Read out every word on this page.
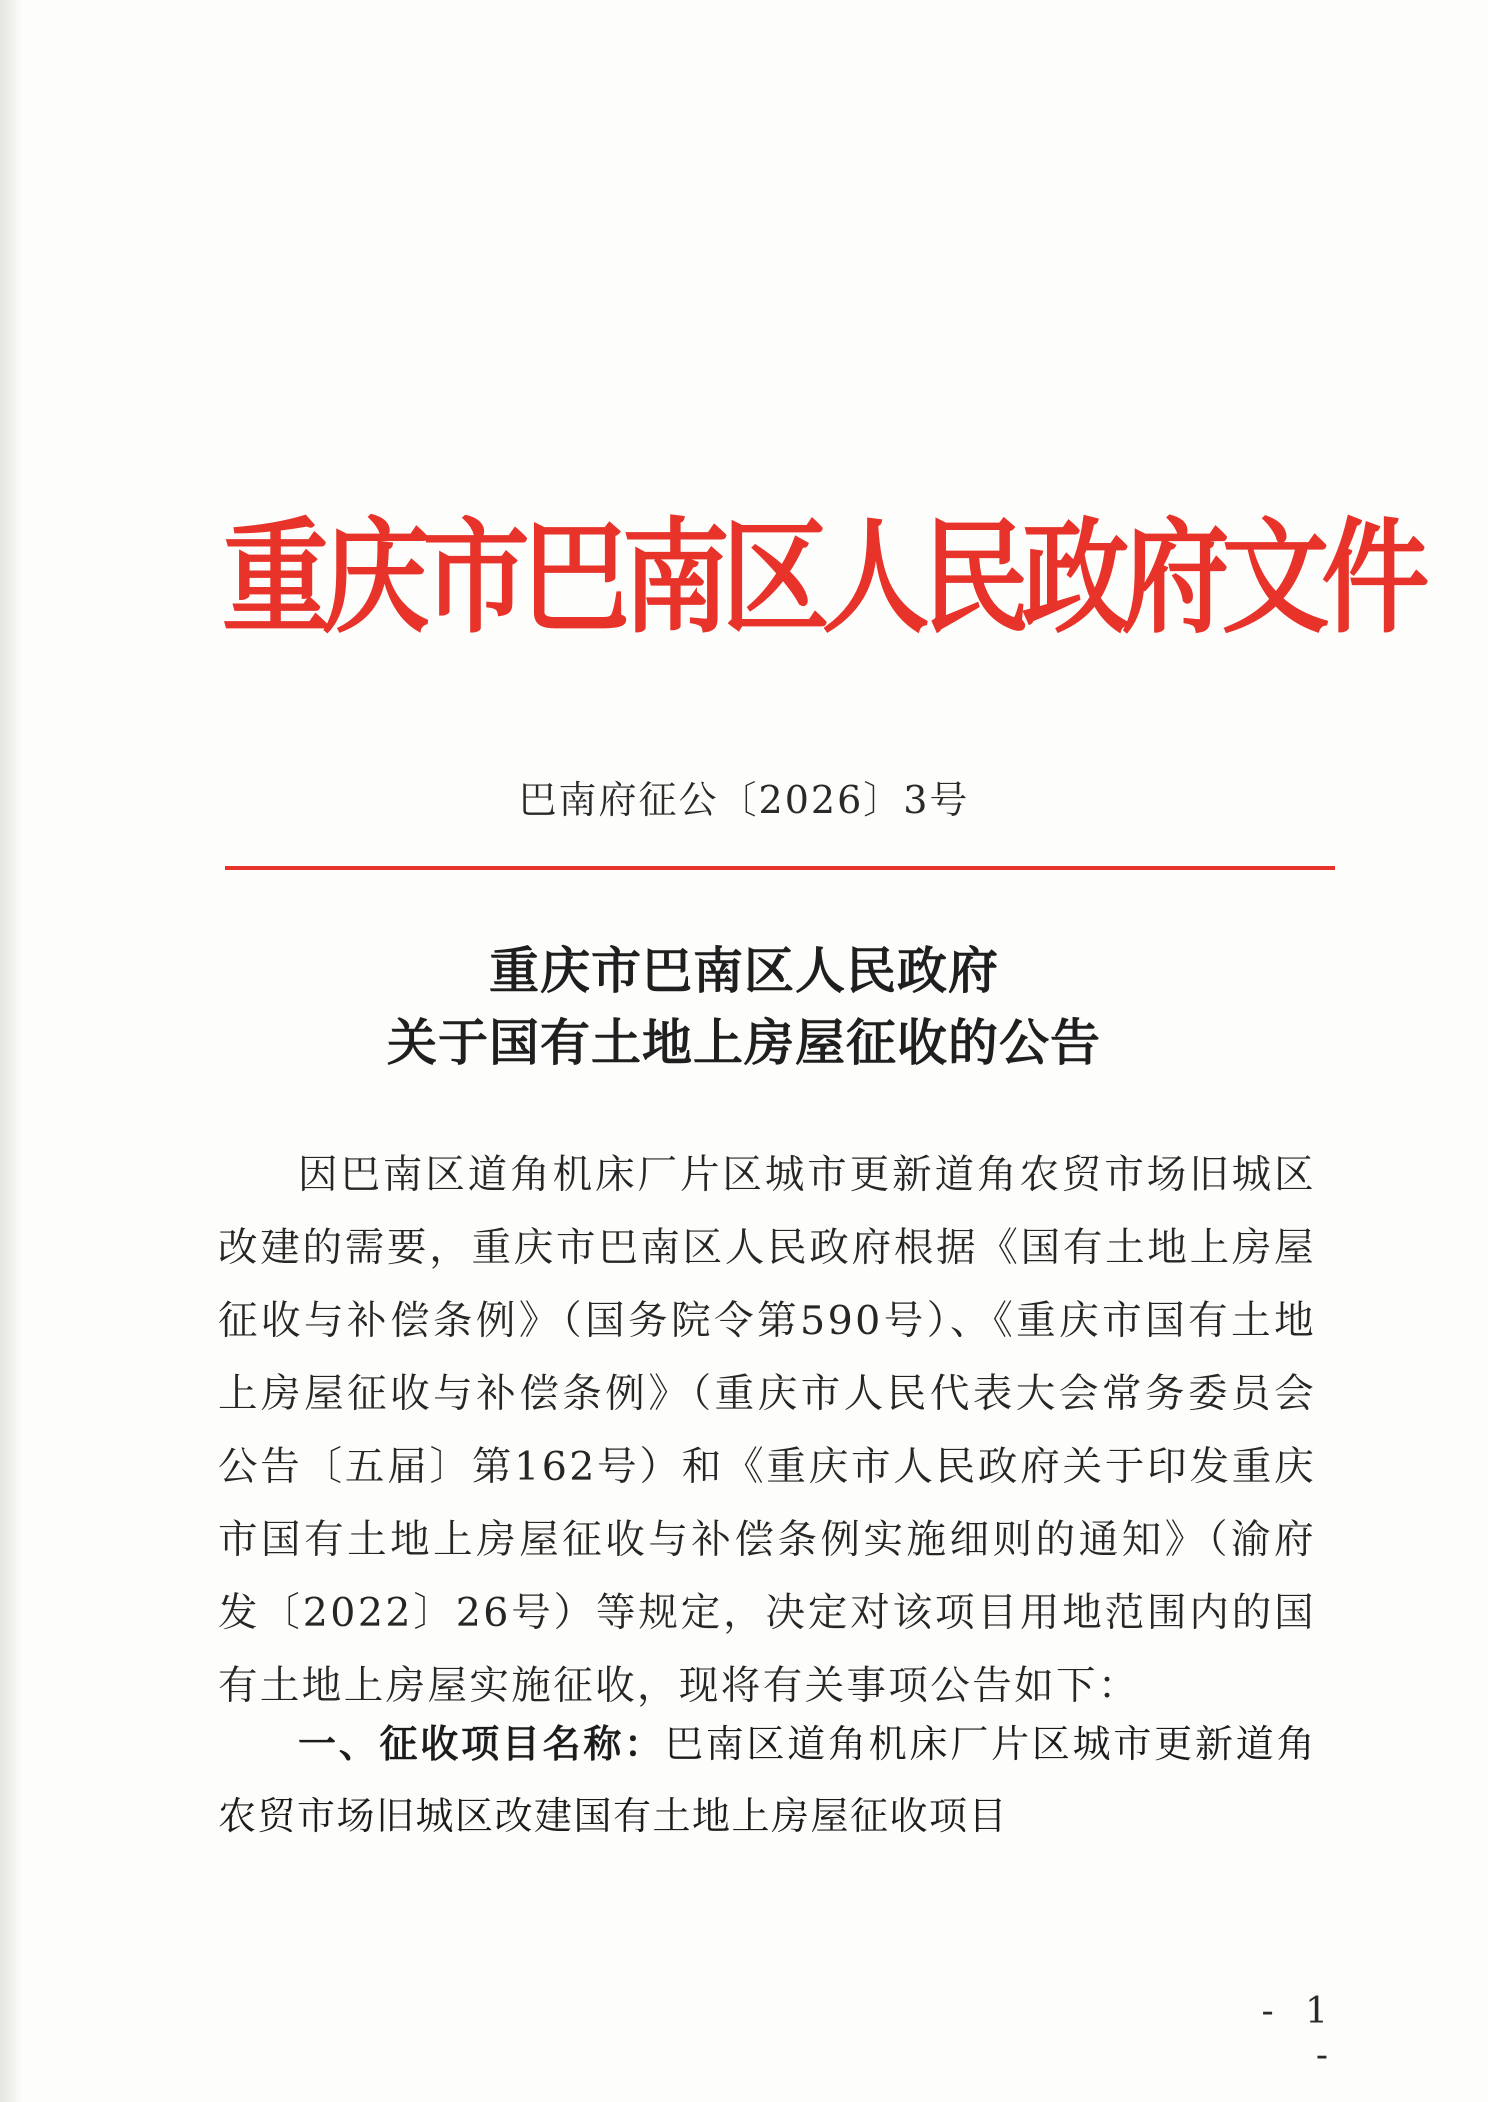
重庆市巴南区人民政府文件
巴南府征公〔2026〕3号
重庆市巴南区人民政府
关于国有土地上房屋征收的公告

因巴南区道角机床厂片区城市更新道角农贸市场旧城区改建的需要，重庆市巴南区人民政府根据《国有土地上房屋征收与补偿条例》（国务院令第590号）、《重庆市国有土地上房屋征收与补偿条例》（重庆市人民代表大会常务委员会公告〔五届〕第162号）和《重庆市人民政府关于印发重庆市国有土地上房屋征收与补偿条例实施细则的通知》（渝府发〔2022〕26号）等规定，决定对该项目用地范围内的国有土地上房屋实施征收，现将有关事项公告如下：

一、征收项目名称：巴南区道角机床厂片区城市更新道角农贸市场旧城区改建国有土地上房屋征收项目

- 1 -
